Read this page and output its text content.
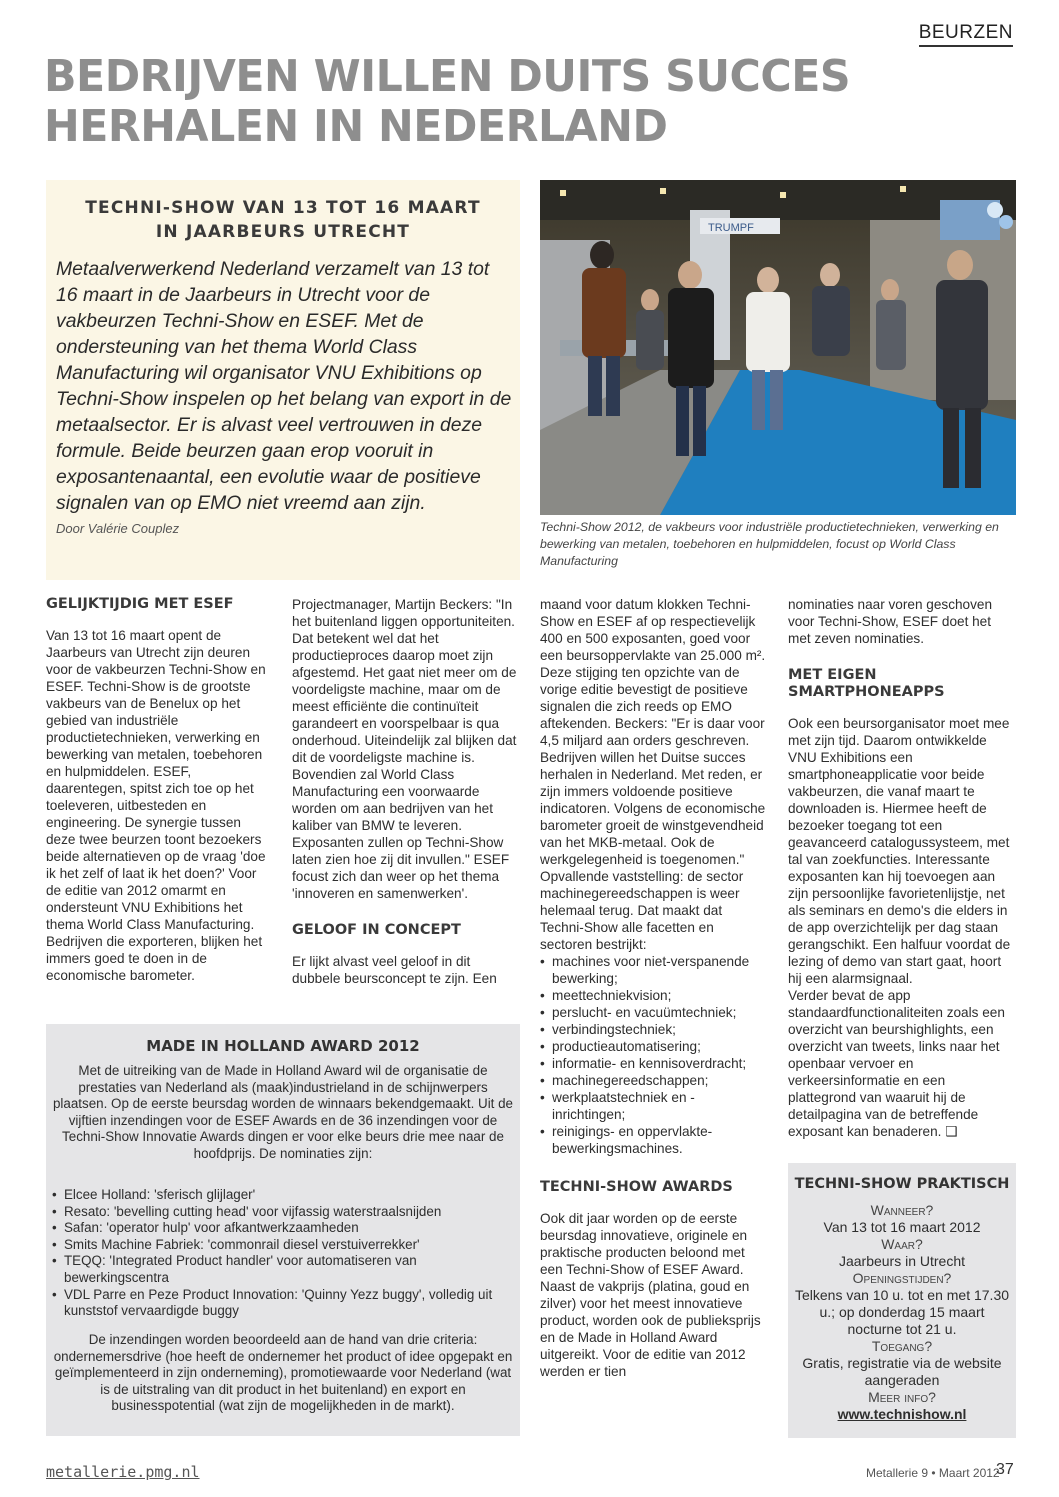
BEURZEN
BEDRIJVEN WILLEN DUITS SUCCES
HERHALEN IN NEDERLAND
TECHNI-SHOW VAN 13 TOT 16 MAART
IN JAARBEURS UTRECHT

Metaalverwerkend Nederland verzamelt van 13 tot 16 maart in de Jaarbeurs in Utrecht voor de vakbeurzen Techni-Show en ESEF. Met de ondersteuning van het thema World Class Manufacturing wil organisator VNU Exhibitions op Techni-Show inspelen op het belang van export in de metaalsector. Er is alvast veel vertrouwen in deze formule. Beide beurzen gaan erop vooruit in exposantenaantal, een evolutie waar de positieve signalen van op EMO niet vreemd aan zijn.

Door Valérie Couplez
TRUMPF

Techni-Show 2012, de vakbeurs voor industriële productietechnieken, verwerking en bewerking van metalen, toebehoren en hulpmiddelen, focust op World Class Manufacturing

GELIJKTIJDIG MET ESEF

Van 13 tot 16 maart opent de Jaarbeurs van Utrecht zijn deuren voor de vakbeurzen Techni-Show en ESEF. Techni-Show is de grootste vakbeurs van de Benelux op het gebied van industriële productietechnieken, verwerking en bewerking van metalen, toebehoren en hulpmiddelen. ESEF, daarentegen, spitst zich toe op het toeleveren, uitbesteden en engineering. De synergie tussen deze twee beurzen toont bezoekers beide alternatieven op de vraag 'doe ik het zelf of laat ik het doen?' Voor de editie van 2012 omarmt en ondersteunt VNU Exhibitions het thema World Class Manufacturing. Bedrijven die exporteren, blijken het immers goed te doen in de economische barometer.

Projectmanager, Martijn Beckers: "In het buitenland liggen opportuniteiten. Dat betekent wel dat het productieproces daarop moet zijn afgestemd. Het gaat niet meer om de voordeligste machine, maar om de meest efficiënte die continuïteit garandeert en voorspelbaar is qua onderhoud. Uiteindelijk zal blijken dat dit de voordeligste machine is. Bovendien zal World Class Manufacturing een voorwaarde worden om aan bedrijven van het kaliber van BMW te leveren. Exposanten zullen op Techni-Show laten zien hoe zij dit invullen." ESEF focust zich dan weer op het thema 'innoveren en samenwerken'.

GELOOF IN CONCEPT

Er lijkt alvast veel geloof in dit dubbele beursconcept te zijn. Een

maand voor datum klokken Techni-Show en ESEF af op respectievelijk 400 en 500 exposanten, goed voor een beursoppervlakte van 25.000 m². Deze stijging ten opzichte van de vorige editie bevestigt de positieve signalen die zich reeds op EMO aftekenden. Beckers: "Er is daar voor 4,5 miljard aan orders geschreven. Bedrijven willen het Duitse succes herhalen in Nederland. Met reden, er zijn immers voldoende positieve indicatoren. Volgens de economische barometer groeit de winstgevendheid van het MKB-metaal. Ook de werkgelegenheid is toegenomen." Opvallende vaststelling: de sector machinegereedschappen is weer helemaal terug. Dat maakt dat Techni-Show alle facetten en sectoren bestrijkt:

• machines voor niet-verspanende bewerking;
• meettechniekvision;
• perslucht- en vacuümtechniek;
• verbindingstechniek;
• productieautomatisering;
• informatie- en kennisoverdracht;
• machinegereedschappen;
• werkplaatstechniek en -inrichtingen;
• reinigings- en oppervlakte-bewerkingsmachines.
TECHNI-SHOW AWARDS

Ook dit jaar worden op de eerste beursdag innovatieve, originele en praktische producten beloond met een Techni-Show of ESEF Award. Naast de vakprijs (platina, goud en zilver) voor het meest innovatieve product, worden ook de publieksprijs en de Made in Holland Award uitgereikt. Voor de editie van 2012 werden er tien

nominaties naar voren geschoven voor Techni-Show, ESEF doet het met zeven nominaties.

MET EIGEN SMARTPHONEAPPS

Ook een beursorganisator moet mee met zijn tijd. Daarom ontwikkelde VNU Exhibitions een smartphoneapplicatie voor beide vakbeurzen, die vanaf maart te downloaden is. Hiermee heeft de bezoeker toegang tot een geavanceerd catalogussysteem, met tal van zoekfuncties. Interessante exposanten kan hij toevoegen aan zijn persoonlijke favorietenlijstje, net als seminars en demo's die elders in de app overzichtelijk per dag staan gerangschikt. Een halfuur voordat de lezing of demo van start gaat, hoort hij een alarmsignaal.

Verder bevat de app standaardfunctionaliteiten zoals een overzicht van beurshighlights, een overzicht van tweets, links naar het openbaar vervoer en verkeersinformatie en een plattegrond van waaruit hij de detailpagina van de betreffende exposant kan benaderen. ❑

MADE IN HOLLAND AWARD 2012

Met de uitreiking van de Made in Holland Award wil de organisatie de prestaties van Nederland als (maak)industrieland in de schijnwerpers plaatsen. Op de eerste beursdag worden de winnaars bekendgemaakt. Uit de vijftien inzendingen voor de ESEF Awards en de 36 inzendingen voor de Techni-Show Innovatie Awards dingen er voor elke beurs drie mee naar de hoofdprijs. De nominaties zijn:

• Elcee Holland: 'sferisch glijlager'
• Resato: 'bevelling cutting head' voor vijfassig waterstraalsnijden
• Safan: 'operator hulp' voor afkantwerkzaamheden
• Smits Machine Fabriek: 'commonrail diesel verstuiverrekker'
• TEQQ: 'Integrated Product handler' voor automatiseren van bewerkingscentra
• VDL Parre en Peze Product Innovation: 'Quinny Yezz buggy', volledig uit kunststof vervaardigde buggy

De inzendingen worden beoordeeld aan de hand van drie criteria: ondernemersdrive (hoe heeft de ondernemer het product of idee opgepakt en geïmplementeerd in zijn onderneming), promotiewaarde voor Nederland (wat is de uitstraling van dit product in het buitenland) en export en businesspotential (wat zijn de mogelijkheden in de markt).

TECHNI-SHOW PRAKTISCH
Wanneer?
Van 13 tot 16 maart 2012
Waar?
Jaarbeurs in Utrecht
Openingstijden?
Telkens van 10 u. tot en met 17.30 u.; op donderdag 15 maart nocturne tot 21 u.
Toegang?
Gratis, registratie via de website aangeraden
Meer info?
www.technishow.nl
metallerie.pmg.nl	Metallerie 9 • Maart 2012
37
